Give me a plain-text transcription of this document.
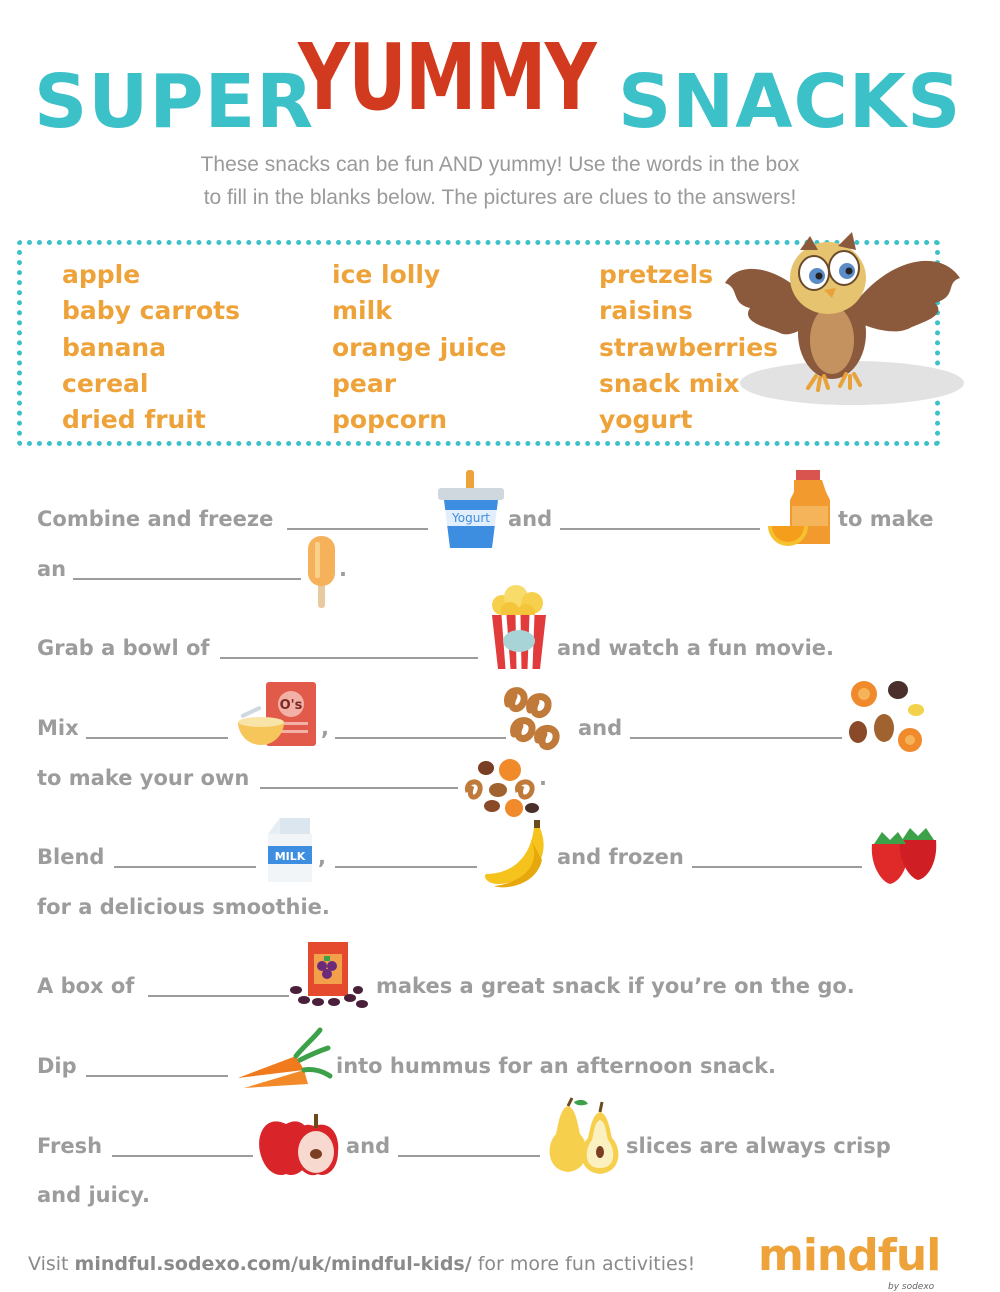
SUPER
YUMMY SNACKS
These snacks can be fun AND yummy! Use the words in the box
to fill in the blanks below. The pictures are clues to the answers!
apple
baby carrots
banana
cereal
dried fruit
ice lolly
milk
orange juice
pear
popcorn
pretzels
raisins
strawberries
snack mix
yogurt
Combine and freeze	Yogurt and	to make
an	.
Grab a bowl of	and watch a fun movie.
Mix
O's
,	and
to make your own	.
Blend	MILK ,	and frozen
for a delicious smoothie.
A box of	makes a great snack if you’re on the go.
Dip	into hummus for an afternoon snack.
Fresh	and	slices are always crisp
and juicy.
Visit mindful.sodexo.com/uk/mindful-kids/ for more fun activities! mindful
by sodexo
